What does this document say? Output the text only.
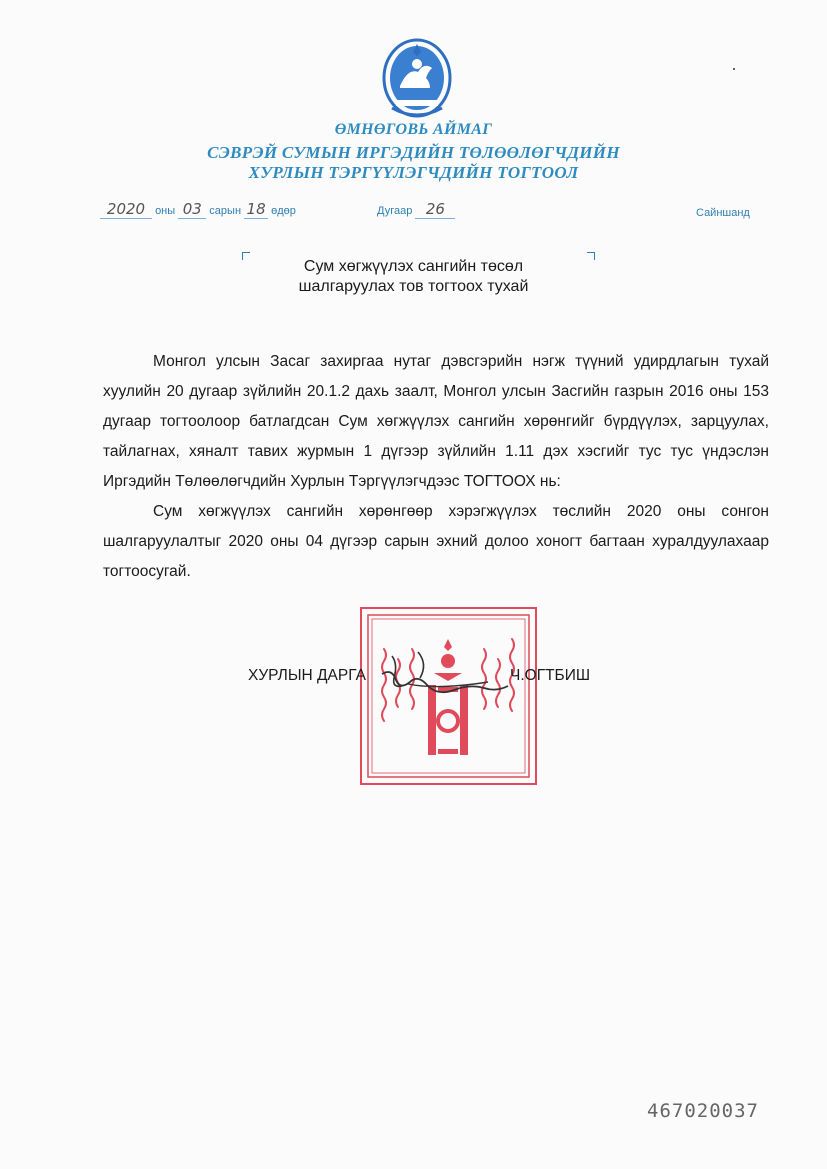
ӨМНӨГОВЬ АЙМАГ
СЭВРЭЙ СУМЫН ИРГЭДИЙН ТӨЛӨӨЛӨГЧДИЙН
ХУРЛЫН ТЭРГҮҮЛЭГЧДИЙН ТОГТООЛ
2020 оны 03 сарын 18 өдөр	Дугаар 26	Сайншанд
Сум хөгжүүлэх сангийн төсөл
шалгаруулах тов тогтоох тухай

Монгол улсын Засаг захиргаа нутаг дэвсгэрийн нэгж түүний удирдлагын тухай хуулийн 20 дугаар зүйлийн 20.1.2 дахь заалт, Монгол улсын Засгийн газрын 2016 оны 153 дугаар тогтоолоор батлагдсан Сум хөгжүүлэх сангийн хөрөнгийг бүрдүүлэх, зарцуулах, тайлагнах, хяналт тавих журмын 1 дүгээр зүйлийн 1.11 дэх хэсгийг тус тус үндэслэн Иргэдийн Төлөөлөгчдийн Хурлын Тэргүүлэгчдээс ТОГТООХ нь:

Сум хөгжүүлэх сангийн хөрөнгөөр хэрэгжүүлэх төслийн 2020 оны сонгон шалгаруулалтыг 2020 оны 04 дүгээр сарын эхний долоо хоногт багтаан хуралдуулахаар тогтоосугай.

ХУРЛЫН ДАРГА	Ч.ОГТБИШ
467020037
